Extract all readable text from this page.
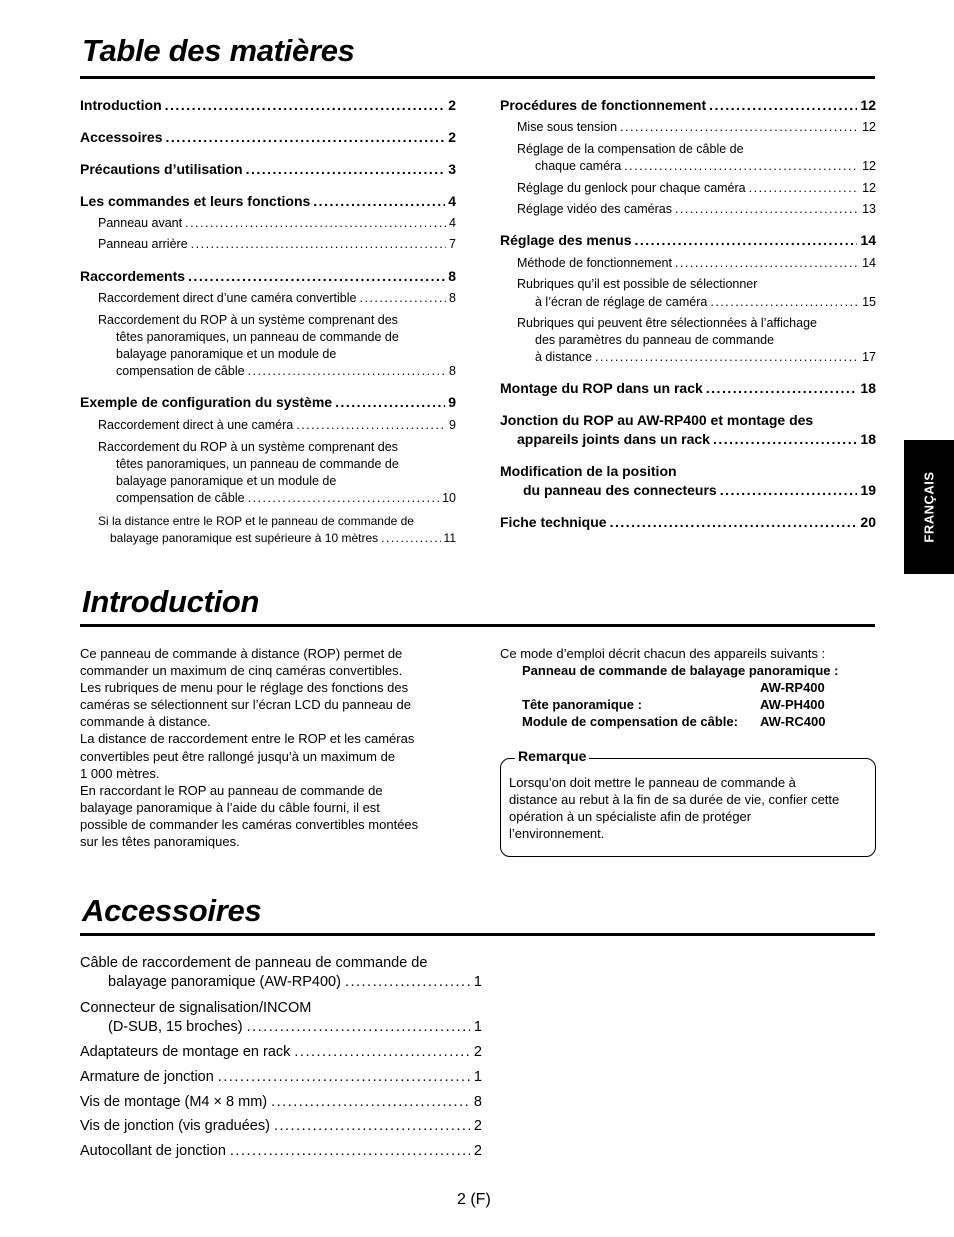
Table des matières
Introduction .....	2
Accessoires .....	2
Précautions d’utilisation .....	3
Les commandes et leurs fonctions .....	4
Panneau avant .....	4
Panneau arrière .....	7
Raccordements .....	8
Raccordement direct d’une caméra convertible .....	8
Raccordement du ROP à un système comprenant des
têtes panoramiques, un panneau de commande de
balayage panoramique et un module de
compensation de câble .....	8
Exemple de configuration du système .....	9
Raccordement direct à une caméra .....	9
Raccordement du ROP à un système comprenant des
têtes panoramiques, un panneau de commande de
balayage panoramique et un module de
compensation de câble .....	10
Si la distance entre le ROP et le panneau de commande de
balayage panoramique est supérieure à 10 mètres .....	11
Procédures de fonctionnement .....	12
Mise sous tension .....	12
Réglage de la compensation de câble de
chaque caméra .....	12
Réglage du genlock pour chaque caméra .....	12
Réglage vidéo des caméras .....	13
Réglage des menus .....	14
Méthode de fonctionnement .....	14
Rubriques qu’il est possible de sélectionner
à l’écran de réglage de caméra .....	15
Rubriques qui peuvent être sélectionnées à l’affichage
des paramètres du panneau de commande
à distance .....	17
Montage du ROP dans un rack .....	18
Jonction du ROP au AW-RP400 et montage des
appareils joints dans un rack .....	18
Modification de la position
du panneau des connecteurs .....	19
Fiche technique .....	20
Introduction
Ce panneau de commande à distance (ROP) permet de
commander un maximum de cinq caméras convertibles.
Les rubriques de menu pour le réglage des fonctions des
caméras se sélectionnent sur l’écran LCD du panneau de
commande à distance.
La distance de raccordement entre le ROP et les caméras
convertibles peut être rallongé jusqu’à un maximum de
1 000 mètres.
En raccordant le ROP au panneau de commande de
balayage panoramique à l’aide du câble fourni, il est
possible de commander les caméras convertibles montées
sur les têtes panoramiques.
Ce mode d’emploi décrit chacun des appareils suivants :
Panneau de commande de balayage panoramique :
AW-RP400
Tête panoramique :	AW-PH400
Module de compensation de câble: AW-RC400
Remarque
Lorsqu’on doit mettre le panneau de commande à
distance au rebut à la fin de sa durée de vie, confier cette
opération à un spécialiste afin de protéger
l’environnement.
Accessoires
Câble de raccordement de panneau de commande de
balayage panoramique (AW-RP400) .....	1
Connecteur de signalisation/INCOM
(D-SUB, 15 broches) .....	1
Adaptateurs de montage en rack .....	2
Armature de jonction .....	1
Vis de montage (M4 × 8 mm) .....	8
Vis de jonction (vis graduées) .....	2
Autocollant de jonction .....	2
FRANÇAIS
2 (F)
